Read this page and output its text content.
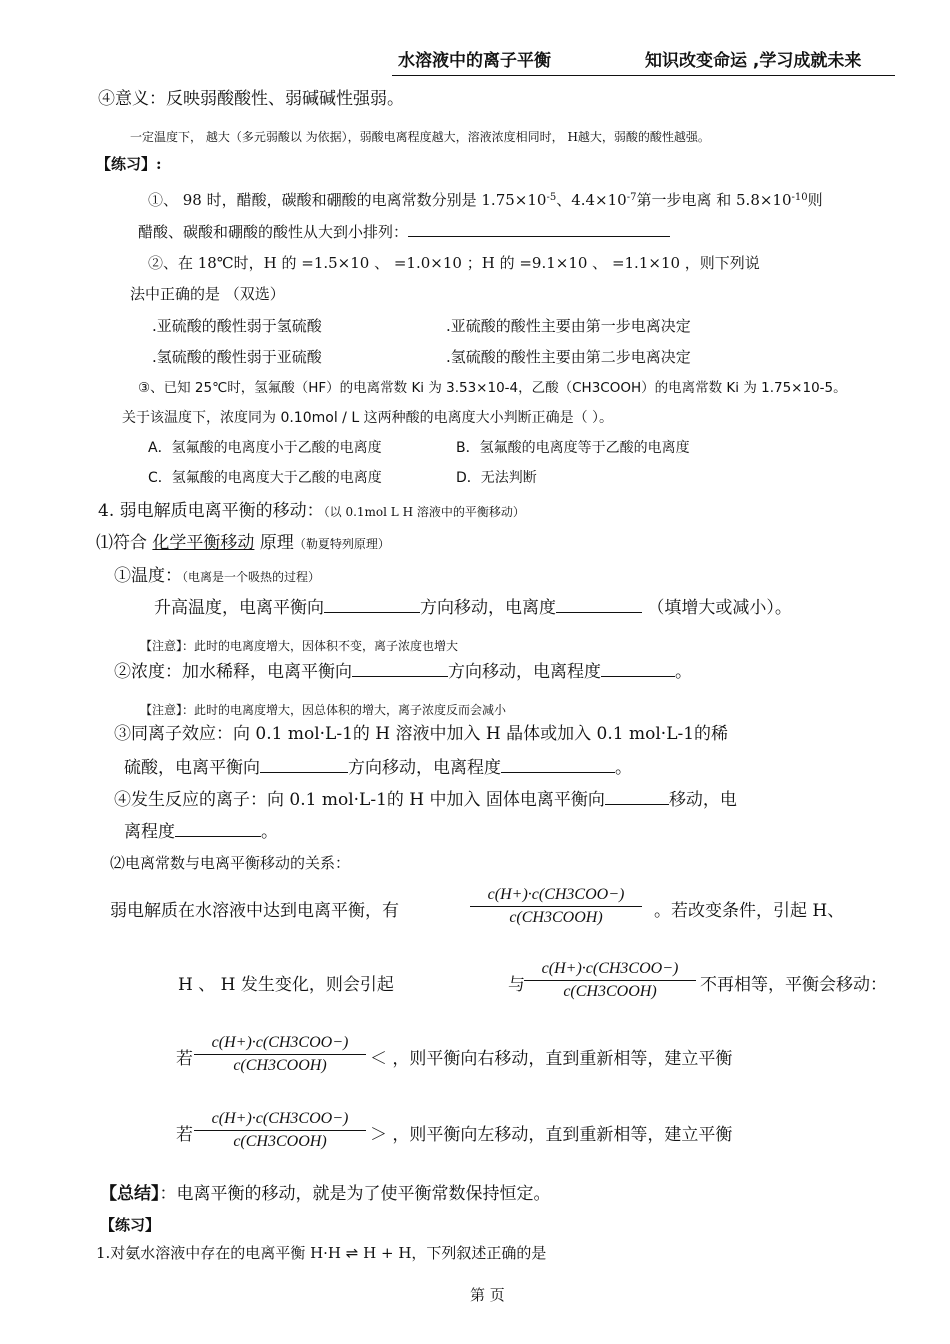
水溶液中的离子平衡	知识改变命运 ,学习成就未来
④意义：反映弱酸酸性、弱碱碱性强弱。
一定温度下， 越大（多元弱酸以 为依据），弱酸电离程度越大，溶液浓度相同时， H越大，弱酸的酸性越强。
【练习】:
①、 98 时，醋酸，碳酸和硼酸的电离常数分别是 $1.75\times 10^{-5}$、$4.4\times 10^{-7}$第一步电离 和 $5.8\times 10^{-10}$则
醋酸、碳酸和硼酸的酸性从大到小排列：
②、在 18℃时，H 的 =1.5×10 、 =1.0×10 ；H 的 =9.1×10 、 =1.1×10 ，则下列说
法中正确的是 （双选）
.亚硫酸的酸性弱于氢硫酸	.亚硫酸的酸性主要由第一步电离决定
.氢硫酸的酸性弱于亚硫酸	.氢硫酸的酸性主要由第二步电离决定
③、已知 25℃时，氢氟酸（HF）的电离常数 Ki 为 3.53×10-4，乙酸（CH3COOH）的电离常数 Ki 为 1.75×10-5。
关于该温度下，浓度同为 0.10mol / L 这两种酸的电离度大小判断正确是（ ）。
A．氢氟酸的电离度小于乙酸的电离度	B．氢氟酸的电离度等于乙酸的电离度
C．氢氟酸的电离度大于乙酸的电离度	D．无法判断
4. 弱电解质电离平衡的移动：（以 0.1mol L H 溶液中的平衡移动）
⑴符合 化学平衡移动 原理（勒夏特列原理）
①温度：（电离是一个吸热的过程）
升高温度，电离平衡向	方向移动，电离度	（填增大或减小）。
【注意】：此时的电离度增大，因体积不变，离子浓度也增大
②浓度：加水稀释，电离平衡向	方向移动，电离程度	。
【注意】：此时的电离度增大，因总体积的增大，离子浓度反而会减小
③同离子效应：向 0.1 mol·L-1的 H 溶液中加入 H 晶体或加入 0.1 mol·L-1的稀
硫酸，电离平衡向	方向移动，电离程度	。
④发生反应的离子：向 0.1 mol·L-1的 H 中加入 固体电离平衡向	移动，电
离程度	。
⑵电离常数与电离平衡移动的关系：
弱电解质在水溶液中达到电离平衡，有
c(H+)·c(CH3COO−)
c(CH3COOH)	。若改变条件，引起 H、
H 、 H 发生变化，则会引起	与
c(H+)·c(CH3COO−)
c(CH3COOH)	不再相等，平衡会移动：
若
c(H+)·c(CH3COO−)
c(CH3COOH)	＜ ，则平衡向右移动，直到重新相等，建立平衡
若
c(H+)·c(CH3COO−)
c(CH3COOH)	＞ ，则平衡向左移动，直到重新相等，建立平衡
【总结】：电离平衡的移动，就是为了使平衡常数保持恒定。
【练习】
1.对氨水溶液中存在的电离平衡 H·H ⇌ H + H，下列叙述正确的是
第 页
